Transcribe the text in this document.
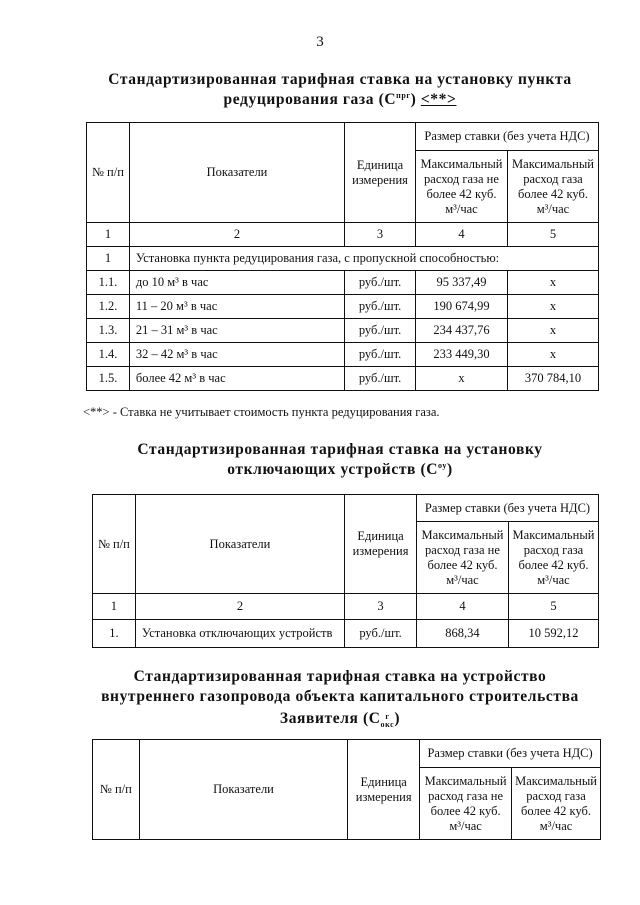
3
Стандартизированная тарифная ставка на установку пункта
редуцирования газа $(С^{прг})$ <**>
№ п/п	Показатели	Единица измерения	Размер ставки (без учета НДС)	
			Максимальный расход газа не более 42 куб. м³/час	Максимальный расход газа более 42 куб. м³/час
1	2	3	4	5
1	Установка пункта редуцирования газа, с пропускной способностью:			
1.1.	до 10 м³ в час	руб./шт.	95 337,49	х
1.2.	11 – 20 м³ в час	руб./шт.	190 674,99	х
1.3.	21 – 31 м³ в час	руб./шт.	234 437,76	х
1.4.	32 – 42 м³ в час	руб./шт.	233 449,30	х
1.5.	более 42 м³ в час	руб./шт.	х	370 784,10
<**> - Ставка не учитывает стоимость пункта редуцирования газа.
Стандартизированная тарифная ставка на установку
отключающих устройств $(С^{оу})$
№ п/п	Показатели	Единица измерения	Размер ставки (без учета НДС)	
			Максимальный расход газа не более 42 куб. м³/час	Максимальный расход газа более 42 куб. м³/час
1	2	3	4	5
1.	Установка отключающих устройств	руб./шт.	868,34	10 592,12
Стандартизированная тарифная ставка на устройство
внутреннего газопровода объекта капитального строительства
Заявителя (С г
окс)
№ п/п	Показатели	Единица измерения	Размер ставки (без учета НДС)	
			Максимальный расход газа не более 42 куб. м³/час	Максимальный расход газа более 42 куб. м³/час
